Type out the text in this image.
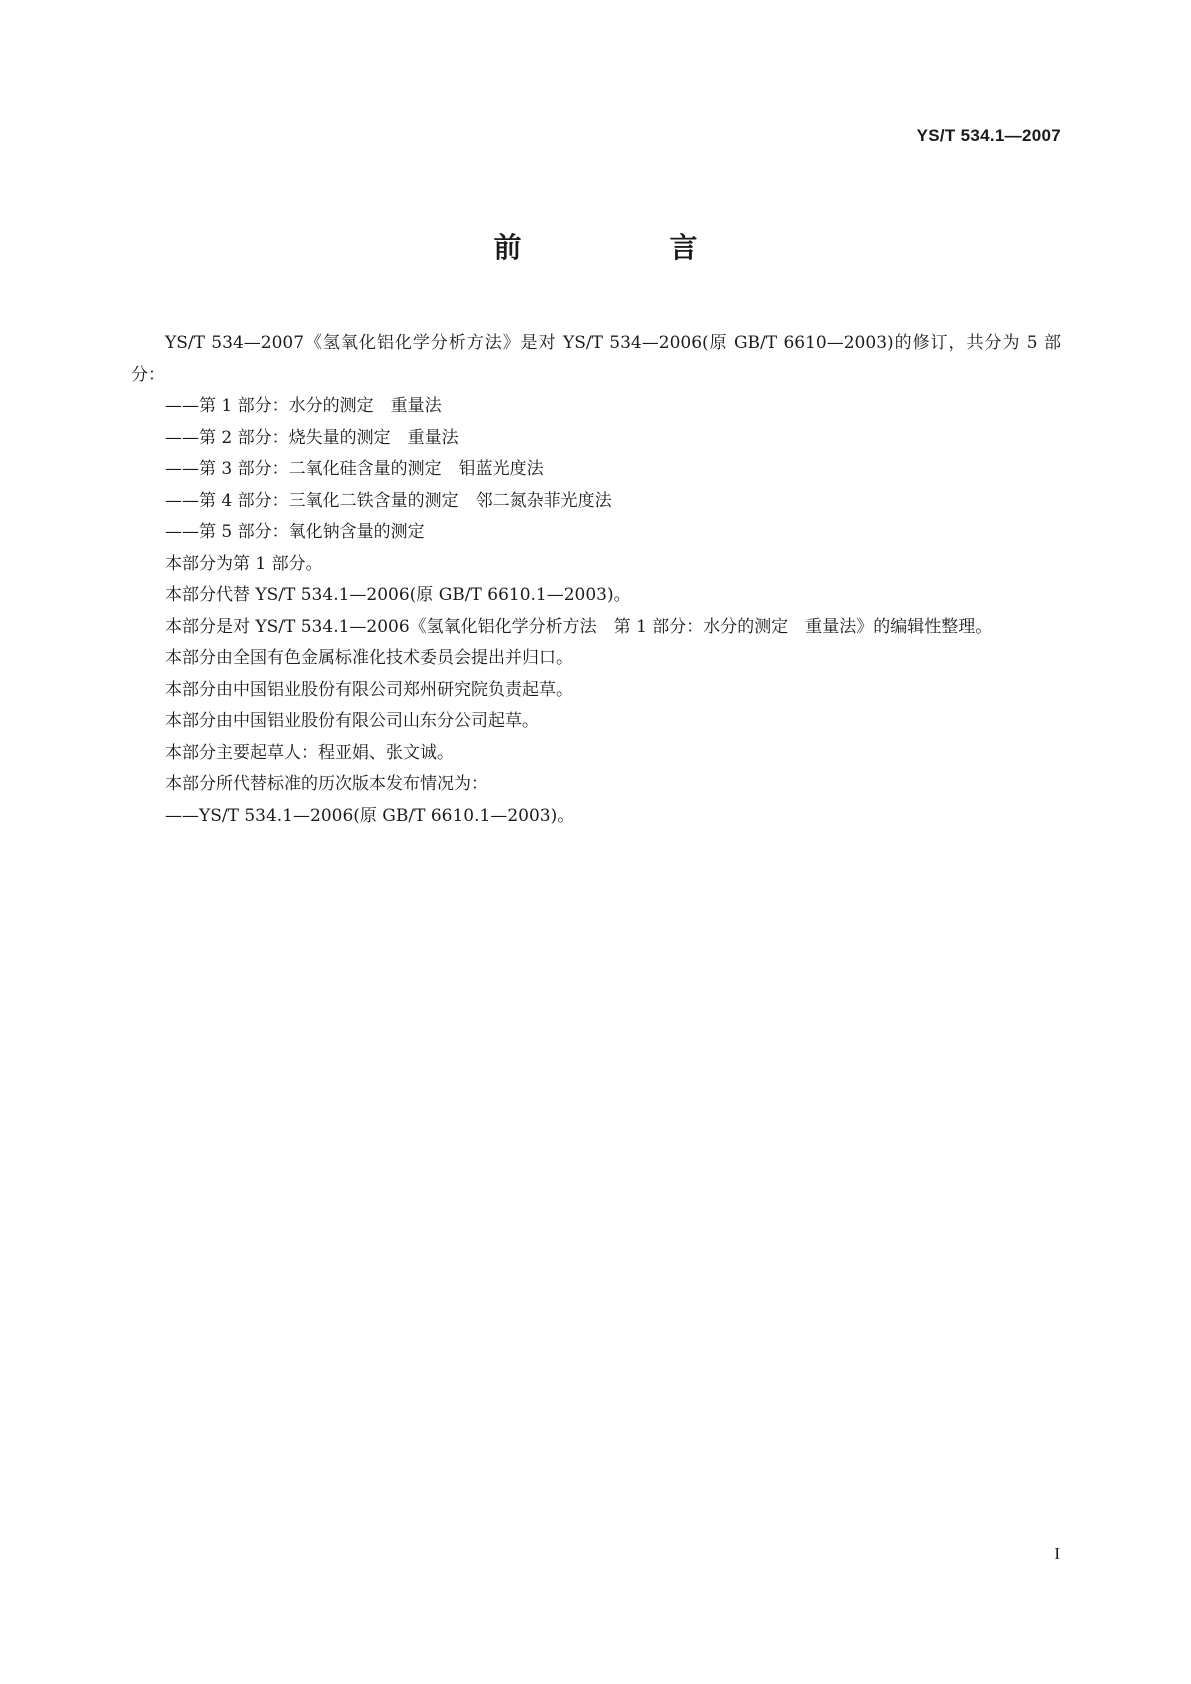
YS/T 534.1—2007
前　言

YS/T 534—2007《氢氧化铝化学分析方法》是对 YS/T 534—2006(原 GB/T 6610—2003)的修订，共分为 5 部分：

——第 1 部分：水分的测定　重量法

——第 2 部分：烧失量的测定　重量法

——第 3 部分：二氧化硅含量的测定　钼蓝光度法

——第 4 部分：三氧化二铁含量的测定　邻二氮杂菲光度法

——第 5 部分：氧化钠含量的测定

本部分为第 1 部分。

本部分代替 YS/T 534.1—2006(原 GB/T 6610.1—2003)。

本部分是对 YS/T 534.1—2006《氢氧化铝化学分析方法　第 1 部分：水分的测定　重量法》的编辑性整理。

本部分由全国有色金属标准化技术委员会提出并归口。

本部分由中国铝业股份有限公司郑州研究院负责起草。

本部分由中国铝业股份有限公司山东分公司起草。

本部分主要起草人：程亚娟、张文诚。

本部分所代替标准的历次版本发布情况为：

——YS/T 534.1—2006(原 GB/T 6610.1—2003)。

I
